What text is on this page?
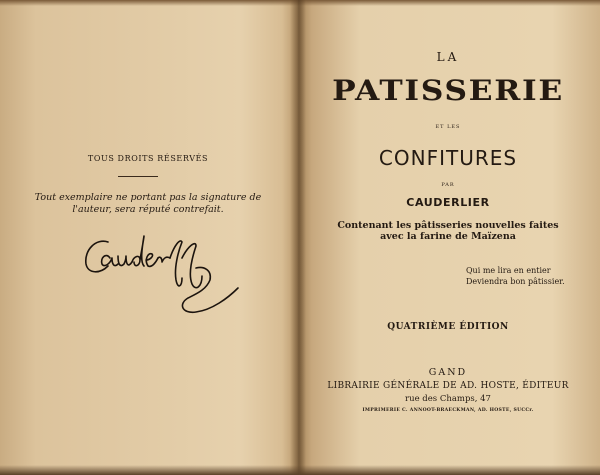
TOUS DROITS RÉSERVÉS
Tout exemplaire ne portant pas la signature de l'auteur, sera réputé contrefait.
LA
PATISSERIE
ET LES
CONFITURES
PAR
CAUDERLIER
Contenant les pâtisseries nouvelles faites avec la farine de Maïzena
Qui me lira en entier
Deviendra bon pâtissier.
QUATRIÈME ÉDITION
GAND
LIBRAIRIE GÉNÉRALE DE AD. HOSTE, ÉDITEUR
rue des Champs, 47
IMPRIMERIE C. ANNOOT-BRAECKMAN, AD. HOSTE, SUCCr.
